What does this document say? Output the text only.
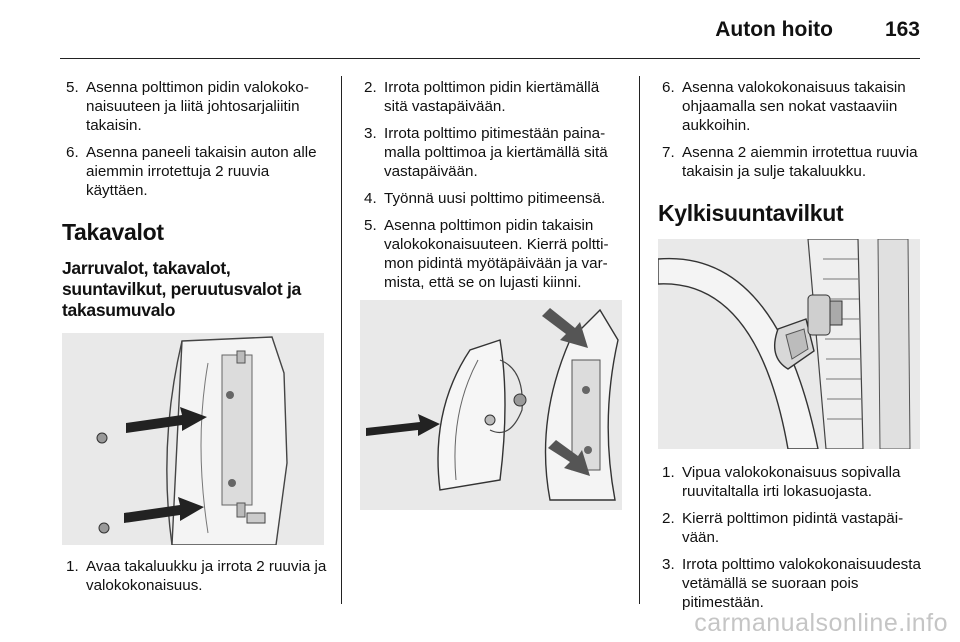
Auton hoito 163
5. Asenna polttimon pidin valokokonaisuuteen ja liitä johtosarjaliitin takaisin.
6. Asenna paneeli takaisin auton alle aiemmin irrotettuja 2 ruuvia käyttäen.
Takavalot
Jarruvalot, takavalot, suuntavilkut, peruutusvalot ja takasumuvalo
1. Avaa takaluukku ja irrota 2 ruuvia ja valokokonaisuus.
2. Irrota polttimon pidin kiertämällä sitä vastapäivään.
3. Irrota polttimo pitimestään painamalla polttimoa ja kiertämällä sitä vastapäivään.
4. Työnnä uusi polttimo pitimeensä.
5. Asenna polttimon pidin takaisin valokokonaisuuteen. Kierrä polttimon pidintä myötäpäivään ja varmista, että se on lujasti kiinni.
6. Asenna valokokonaisuus takaisin ohjaamalla sen nokat vastaaviin aukkoihin.
7. Asenna 2 aiemmin irrotettua ruuvia takaisin ja sulje takaluukku.
Kylkisuuntavilkut
1. Vipua valokokonaisuus sopivalla ruuvitaltalla irti lokasuojasta.
2. Kierrä polttimon pidintä vastapäivään.
3. Irrota polttimo valokokonaisuudesta vetämällä se suoraan pois pitimestään.
carmanualsonline.info
